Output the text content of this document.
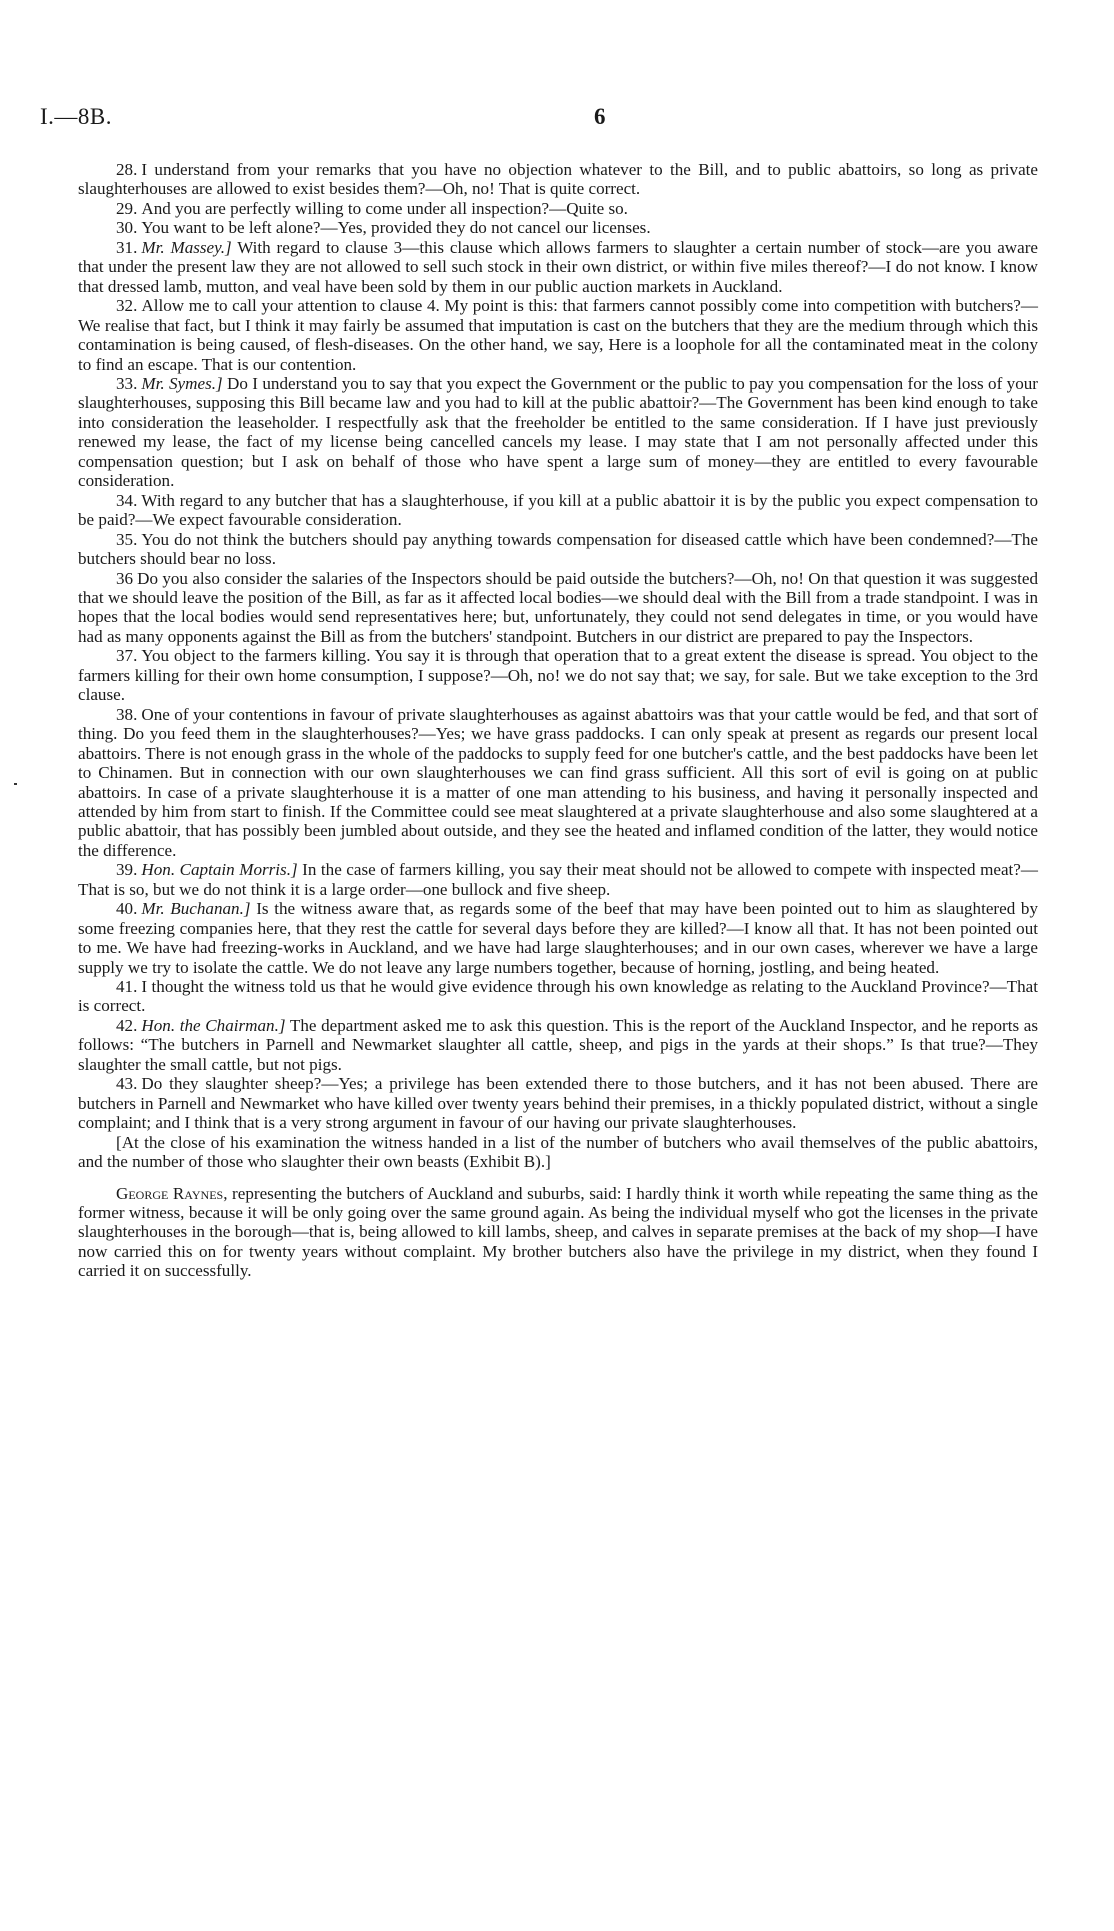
I.—8B.	6

28. I understand from your remarks that you have no objection whatever to the Bill, and to public abattoirs, so long as private slaughterhouses are allowed to exist besides them?—Oh, no! That is quite correct.

29. And you are perfectly willing to come under all inspection?—Quite so.

30. You want to be left alone?—Yes, provided they do not cancel our licenses.

31. Mr. Massey.] With regard to clause 3—this clause which allows farmers to slaughter a certain number of stock—are you aware that under the present law they are not allowed to sell such stock in their own district, or within five miles thereof?—I do not know. I know that dressed lamb, mutton, and veal have been sold by them in our public auction markets in Auckland.

32. Allow me to call your attention to clause 4. My point is this: that farmers cannot possibly come into competition with butchers?—We realise that fact, but I think it may fairly be assumed that imputation is cast on the butchers that they are the medium through which this contamination is being caused, of flesh-diseases. On the other hand, we say, Here is a loophole for all the contaminated meat in the colony to find an escape. That is our contention.

33. Mr. Symes.] Do I understand you to say that you expect the Government or the public to pay you compensation for the loss of your slaughterhouses, supposing this Bill became law and you had to kill at the public abattoir?—The Government has been kind enough to take into consideration the leaseholder. I respectfully ask that the freeholder be entitled to the same consideration. If I have just previously renewed my lease, the fact of my license being cancelled cancels my lease. I may state that I am not personally affected under this compensation question; but I ask on behalf of those who have spent a large sum of money—they are entitled to every favourable consideration.

34. With regard to any butcher that has a slaughterhouse, if you kill at a public abattoir it is by the public you expect compensation to be paid?—We expect favourable consideration.

35. You do not think the butchers should pay anything towards compensation for diseased cattle which have been condemned?—The butchers should bear no loss.

36 Do you also consider the salaries of the Inspectors should be paid outside the butchers?—Oh, no! On that question it was suggested that we should leave the position of the Bill, as far as it affected local bodies—we should deal with the Bill from a trade standpoint. I was in hopes that the local bodies would send representatives here; but, unfortunately, they could not send delegates in time, or you would have had as many opponents against the Bill as from the butchers' standpoint. Butchers in our district are prepared to pay the Inspectors.

37. You object to the farmers killing. You say it is through that operation that to a great extent the disease is spread. You object to the farmers killing for their own home consumption, I suppose?—Oh, no! we do not say that; we say, for sale. But we take exception to the 3rd clause.

38. One of your contentions in favour of private slaughterhouses as against abattoirs was that your cattle would be fed, and that sort of thing. Do you feed them in the slaughterhouses?—Yes; we have grass paddocks. I can only speak at present as regards our present local abattoirs. There is not enough grass in the whole of the paddocks to supply feed for one butcher's cattle, and the best paddocks have been let to Chinamen. But in connection with our own slaughterhouses we can find grass sufficient. All this sort of evil is going on at public abattoirs. In case of a private slaughterhouse it is a matter of one man attending to his business, and having it personally inspected and attended by him from start to finish. If the Committee could see meat slaughtered at a private slaughterhouse and also some slaughtered at a public abattoir, that has possibly been jumbled about outside, and they see the heated and inflamed condition of the latter, they would notice the difference.

39. Hon. Captain Morris.] In the case of farmers killing, you say their meat should not be allowed to compete with inspected meat?—That is so, but we do not think it is a large order—one bullock and five sheep.

40. Mr. Buchanan.] Is the witness aware that, as regards some of the beef that may have been pointed out to him as slaughtered by some freezing companies here, that they rest the cattle for several days before they are killed?—I know all that. It has not been pointed out to me. We have had freezing-works in Auckland, and we have had large slaughterhouses; and in our own cases, wherever we have a large supply we try to isolate the cattle. We do not leave any large numbers together, because of horning, jostling, and being heated.

41. I thought the witness told us that he would give evidence through his own knowledge as relating to the Auckland Province?—That is correct.

42. Hon. the Chairman.] The department asked me to ask this question. This is the report of the Auckland Inspector, and he reports as follows: “The butchers in Parnell and Newmarket slaughter all cattle, sheep, and pigs in the yards at their shops.” Is that true?—They slaughter the small cattle, but not pigs.

43. Do they slaughter sheep?—Yes; a privilege has been extended there to those butchers, and it has not been abused. There are butchers in Parnell and Newmarket who have killed over twenty years behind their premises, in a thickly populated district, without a single complaint; and I think that is a very strong argument in favour of our having our private slaughterhouses.

[At the close of his examination the witness handed in a list of the number of butchers who avail themselves of the public abattoirs, and the number of those who slaughter their own beasts (Exhibit B).]

George Raynes, representing the butchers of Auckland and suburbs, said: I hardly think it worth while repeating the same thing as the former witness, because it will be only going over the same ground again. As being the individual myself who got the licenses in the private slaughterhouses in the borough—that is, being allowed to kill lambs, sheep, and calves in separate premises at the back of my shop—I have now carried this on for twenty years without complaint. My brother butchers also have the privilege in my district, when they found I carried it on successfully.
